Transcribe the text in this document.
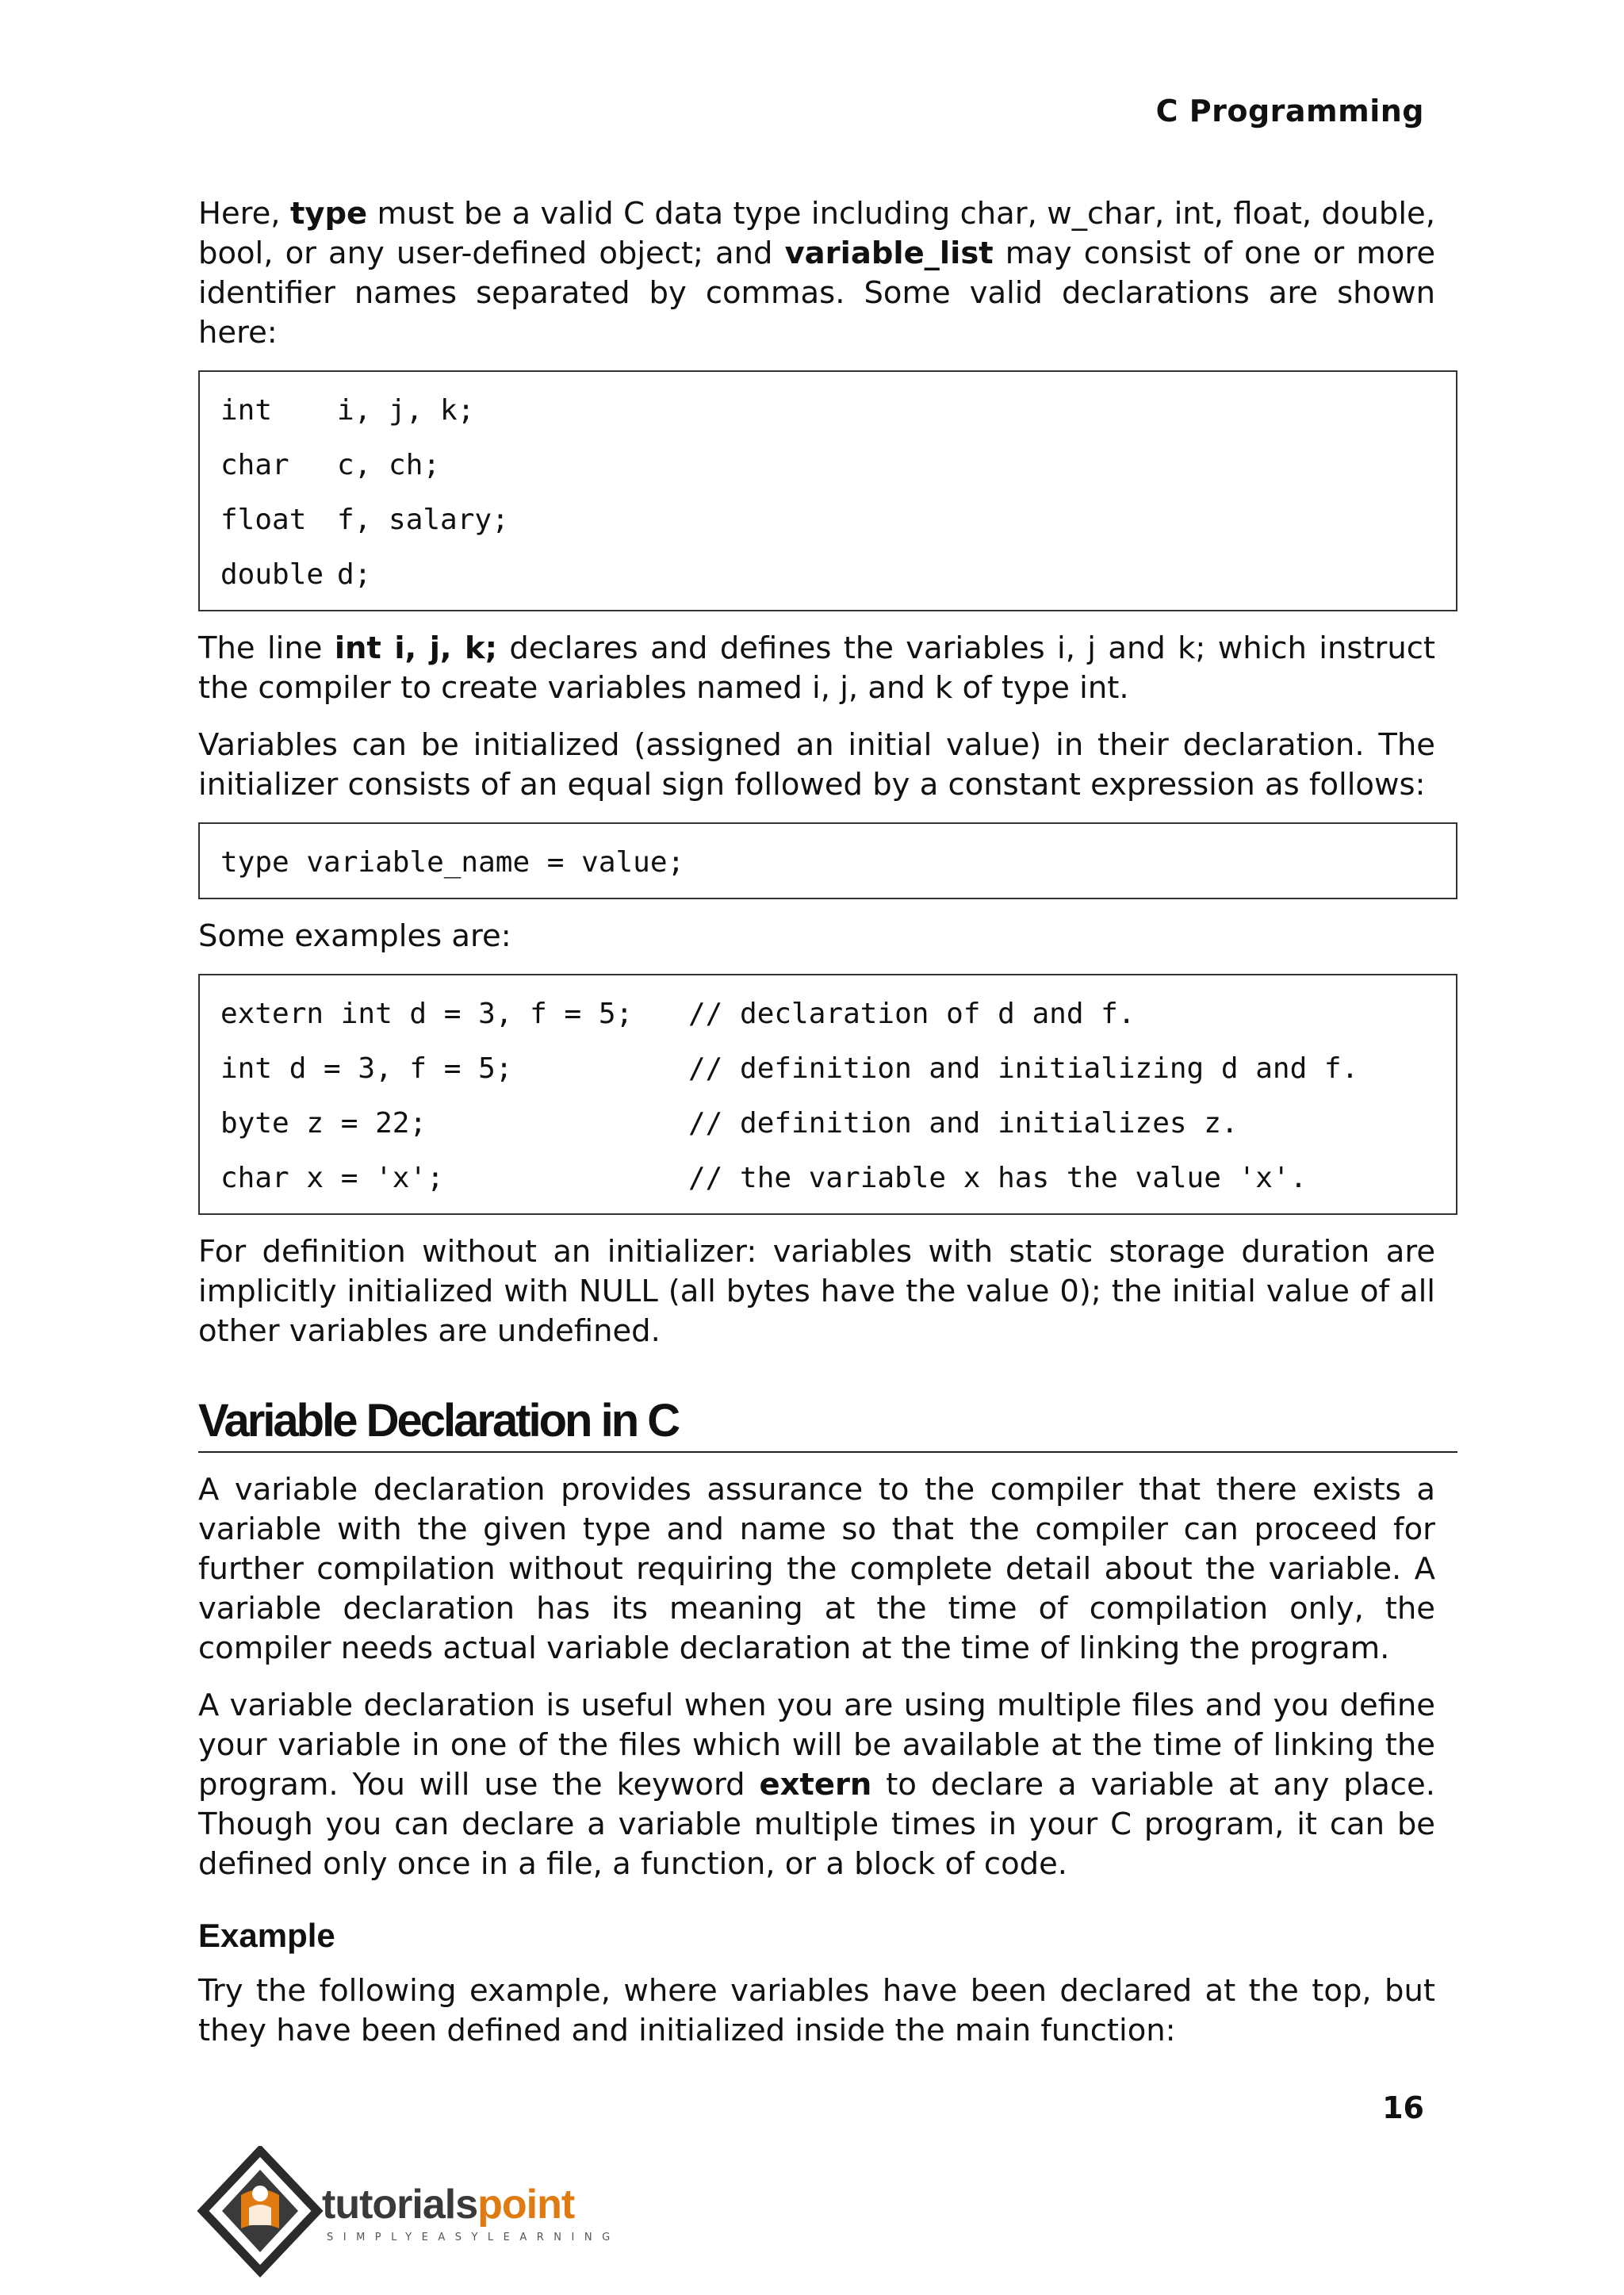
C Programming

Here, type must be a valid C data type including char, w_char, int, float, double, bool, or any user-defined object; and variable_list may consist of one or more identifier names separated by commas. Some valid declarations are shown here:

int i, j, k;
char c, ch;
float f, salary;
double d;

The line int i, j, k; declares and defines the variables i, j and k; which instruct the compiler to create variables named i, j, and k of type int.

Variables can be initialized (assigned an initial value) in their declaration. The initializer consists of an equal sign followed by a constant expression as follows:

type variable_name = value;

Some examples are:

extern int d = 3, f = 5; // declaration of d and f.
int d = 3, f = 5;	// definition and initializing d and f.
byte z = 22;	// definition and initializes z.
char x = 'x';	// the variable x has the value 'x'.

For definition without an initializer: variables with static storage duration are implicitly initialized with NULL (all bytes have the value 0); the initial value of all other variables are undefined.

Variable Declaration in C

A variable declaration provides assurance to the compiler that there exists a variable with the given type and name so that the compiler can proceed for further compilation without requiring the complete detail about the variable. A variable declaration has its meaning at the time of compilation only, the compiler needs actual variable declaration at the time of linking the program.

A variable declaration is useful when you are using multiple files and you define your variable in one of the files which will be available at the time of linking the program. You will use the keyword extern to declare a variable at any place. Though you can declare a variable multiple times in your C program, it can be defined only once in a file, a function, or a block of code.

Example

Try the following example, where variables have been declared at the top, but they have been defined and initialized inside the main function:

16
tutorialspoint
SIMPLYEASYLEARNING
